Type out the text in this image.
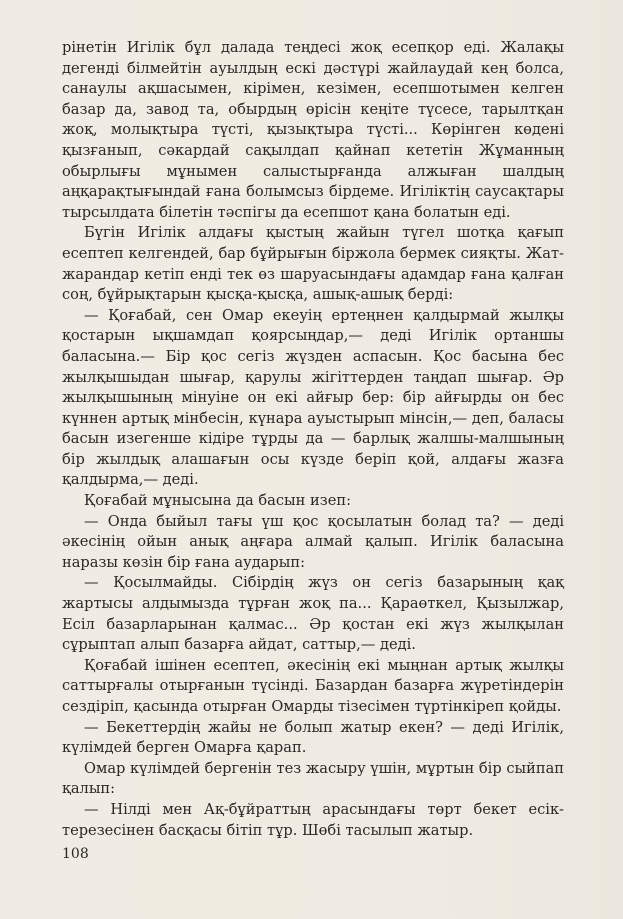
рінетін Игілік бұл далада теңдесі жоқ есепқор еді. Жалақы дегенді білмейтін ауылдың ескі дәстүрі жайлаудай кең болса, санаулы ақшасымен, кірімен, кезімен, есепшотымен келген базар да, завод та, обырдың өрісін кеңіте түсесе, тарылтқан жоқ, молықтыра түсті, қызықтыра түсті... Көрінген көдені қызғанып, сәкардай сақылдап қайнап кететін Жұманның обырлығы мұнымен салыстырғанда алжыған шалдың аңқарақтығындай ғана болымсыз бірдеме. Игіліктің саусақтары тырсылдата білетін тәспігы да есепшот қана болатын еді.

Бүгін Игілік алдағы қыстың жайын түгел шотқа қағып есептеп келгендей, бар бұйрығын біржола бермек сияқты. Жат-жарандар кетіп енді тек өз шаруасындағы адамдар ғана қалған соң, бұйрықтарын қысқа-қысқа, ашық-ашық берді:

— Қоғабай, сен Омар екеуің ертеңнен қалдырмай жылқы қостарын ықшамдап қоярсыңдар,— деді Игілік ортаншы баласына.— Бір қос сегіз жүзден аспасын. Қос басына бес жылқышыдан шығар, қарулы жігіттерден таңдап шығар. Әр жылқышының мінуіне он екі айғыр бер: бір айғырды он бес күннен артық мінбесін, күнара ауыстырып мінсін,— деп, баласы басын изегенше кідіре тұрды да — барлық жалшы-малшының бір жылдық алашағын осы күзде беріп қой, алдағы жазға қалдырма,— деді.

Қоғабай мұнысына да басын изеп:

— Онда быйыл тағы үш қос қосылатын болад та? — деді әкесінің ойын анық аңғара алмай қалып. Игілік баласына наразы көзін бір ғана аударып:

— Қосылмайды. Сібірдің жүз он сегіз базарының қақ жартысы алдымызда тұрған жоқ па... Қараөткел, Қызылжар, Есіл базарларынан қалмас... Әр қостан екі жүз жылқылан сұрыптап алып базарға айдат, саттыр,— деді.

Қоғабай ішінен есептеп, әкесінің екі мыңнан артық жылқы саттырғалы отырғанын түсінді. Базардан базарға жүретіндерін сездіріп, қасында отырған Омарды тізесімен түртінкіреп қойды.

— Бекеттердің жайы не болып жатыр екен? — деді Игілік, күлімдей берген Омарға қарап.

Омар күлімдей бергенін тез жасыру үшін, мұртын бір сыйпап қалып:

— Нілді мен Ақ-бұйраттың арасындағы төрт бекет есік-терезесінен басқасы бітіп тұр. Шөбі тасылып жатыр.

108
